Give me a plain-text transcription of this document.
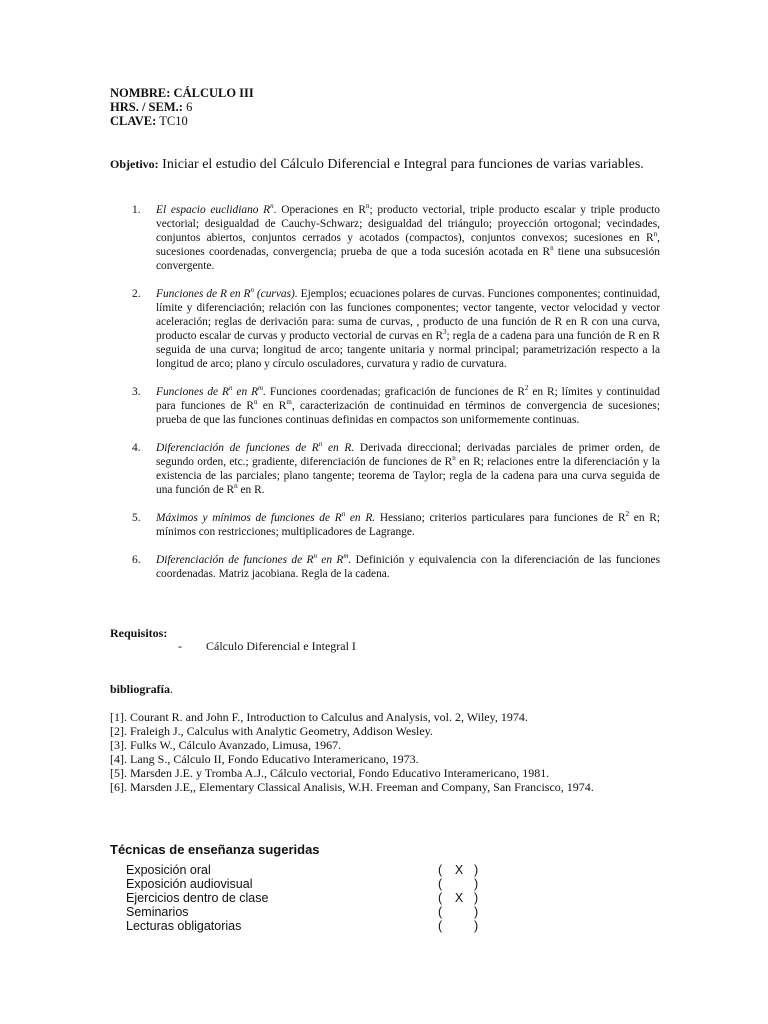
NOMBRE: CÁLCULO III
HRS. / SEM.: 6
CLAVE: TC10
Objetivo: Iniciar el estudio del Cálculo Diferencial e Integral para funciones de varias variables.
1. El espacio euclidiano $R^n$. Operaciones en $R^n$; producto vectorial, triple producto escalar y triple producto vectorial; desigualdad de Cauchy-Schwarz; desigualdad del triángulo; proyección ortogonal; vecindades, conjuntos abiertos, conjuntos cerrados y acotados (compactos), conjuntos convexos; sucesiones en $R^n$, sucesiones coordenadas, convergencia; prueba de que a toda sucesión acotada en $R^n$ tiene una subsucesión convergente.
2. Funciones de R en $R^n$ (curvas). Ejemplos; ecuaciones polares de curvas. Funciones componentes; continuidad, límite y diferenciación; relación con las funciones componentes; vector tangente, vector velocidad y vector aceleración; reglas de derivación para: suma de curvas, , producto de una función de R en R con una curva, producto escalar de curvas y producto vectorial de curvas en $R^3$; regla de a cadena para una función de R en R seguida de una curva; longitud de arco; tangente unitaria y normal principal; parametrización respecto a la longitud de arco; plano y círculo osculadores, curvatura y radio de curvatura.
3. Funciones de $R^n$ en $R^m$. Funciones coordenadas; graficación de funciones de $R^2$ en R; límites y continuidad para funciones de $R^n$ en $R^m$, caracterización de continuidad en términos de convergencia de sucesiones; prueba de que las funciones continuas definidas en compactos son uniformemente continuas.
4. Diferenciación de funciones de $R^n$ en R. Derivada direccional; derivadas parciales de primer orden, de segundo orden, etc.; gradiente, diferenciación de funciones de $R^n$ en R; relaciones entre la diferenciación y la existencia de las parciales; plano tangente; teorema de Taylor; regla de la cadena para una curva seguida de una función de $R^n$ en R.
5. Máximos y mínimos de funciones de $R^n$ en R. Hessiano; criterios particulares para funciones de $R^2$ en R; mínimos con restricciones; multiplicadores de Lagrange.
6. Diferenciación de funciones de $R^n$ en $R^m$. Definición y equivalencia con la diferenciación de las funciones coordenadas. Matriz jacobiana. Regla de la cadena.
Requisitos:
- Cálculo Diferencial e Integral I
bibliografía.
[1]. Courant R. and John F., Introduction to Calculus and Analysis, vol. 2, Wiley, 1974.
[2]. Fraleigh J., Calculus with Analytic Geometry, Addison Wesley.
[3]. Fulks W., Cálculo Avanzado, Limusa, 1967.
[4]. Lang S., Cálculo II, Fondo Educativo Interamericano, 1973.
[5]. Marsden J.E. y Tromba A.J., Cálculo vectorial, Fondo Educativo Interamericano, 1981.
[6]. Marsden J.E,, Elementary Classical Analisis, W.H. Freeman and Company, San Francisco, 1974.
Técnicas de enseñanza sugeridas
Exposición oral	( X )
Exposición audiovisual	(	)
Ejercicios dentro de clase	( X )
Seminarios	(	)
Lecturas obligatorias	(	)
